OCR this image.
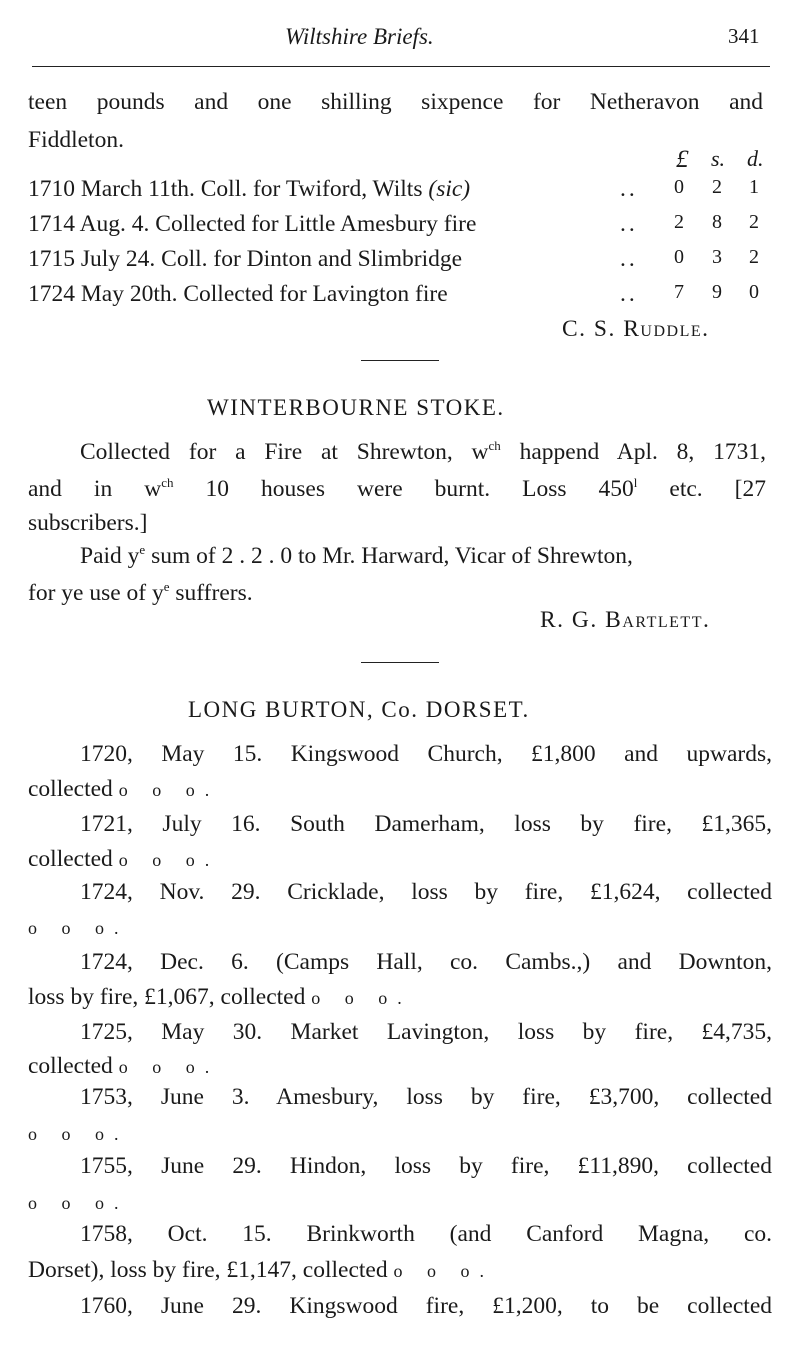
Wiltshire Briefs.	341
teen pounds and one shilling sixpence for Netheravon and
Fiddleton.
£ s. d.
1710 March 11th. Coll. for Twiford, Wilts (sic)	..	0	2	1
1714 Aug. 4. Collected for Little Amesbury fire	..	2	8	2
1715 July 24. Coll. for Dinton and Slimbridge	..	0	3	2
1724 May 20th. Collected for Lavington fire	..	7	9	0
C. S. Ruddle.
WINTERBOURNE STOKE.
Collected for a Fire at Shrewton, $w^{ch}$ happend Apl. 8, 1731,
and in $w^{ch}$ 10 houses were burnt. Loss 450$^l$ etc. [27
subscribers.]
Paid $y^e$ sum of 2 . 2 . 0 to Mr. Harward, Vicar of Shrewton,
for ye use of $y^e$ suffrers.
R. G. Bartlett.
LONG BURTON, Co. DORSET.
1720, May 15. Kingswood Church, £1,800 and upwards,
collected o o o.
1721, July 16. South Damerham, loss by fire, £1,365,
collected o o o.
1724, Nov. 29. Cricklade, loss by fire, £1,624, collected
o o o.
1724, Dec. 6. (Camps Hall, co. Cambs.,) and Downton,
loss by fire, £1,067, collected o o o.
1725, May 30. Market Lavington, loss by fire, £4,735,
collected o o o.
1753, June 3. Amesbury, loss by fire, £3,700, collected
o o o.
1755, June 29. Hindon, loss by fire, £11,890, collected
o o o.
1758, Oct. 15. Brinkworth (and Canford Magna, co.
Dorset), loss by fire, £1,147, collected o o o.
1760, June 29. Kingswood fire, £1,200, to be collected
